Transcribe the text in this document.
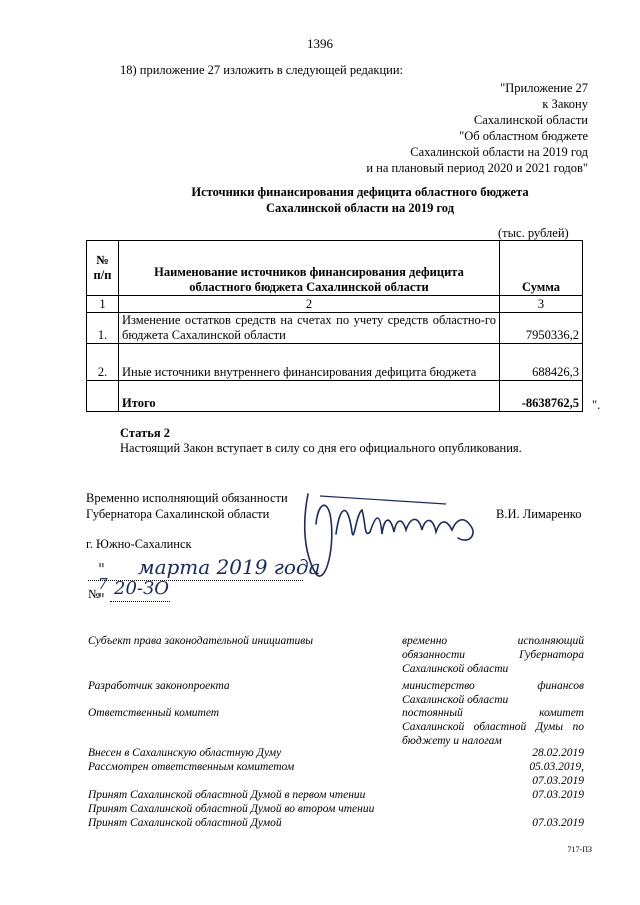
1396
18) приложение 27 изложить в следующей редакции:
"Приложение 27
к Закону
Сахалинской области
"Об областном бюджете
Сахалинской области на 2019 год
и на плановый период 2020 и 2021 годов"
Источники финансирования дефицита областного бюджета
Сахалинской области на 2019 год
(тыс. рублей)
№ п/п	Наименование источников финансирования дефицита областного бюджета Сахалинской области	Сумма
1	2	3
1.	Изменение остатков средств на счетах по учету средств областно-го бюджета Сахалинской области	7950336,2
2.	Иные источники внутреннего финансирования дефицита бюджета	688426,3
	Итого	-8638762,5 ".
Статья 2
Настоящий Закон вступает в силу со дня его официального опубликования.
Временно исполняющий обязанности
Губернатора Сахалинской области	В.И. Лимаренко
г. Южно-Сахалинск
" 7 "
марта 2019 года
№ 20-ЗО
Субъект права законодательной инициативы	временно исполняющий
обязанности Губернатора
Сахалинской области
Разработчик законопроекта	министерство финансов
Сахалинской области
Ответственный комитет	постоянный комитет
Сахалинской областной Думы по
бюджету и налогам
Внесен в Сахалинскую областную Думу	28.02.2019
Рассмотрен ответственным комитетом	05.03.2019,
07.03.2019
Принят Сахалинской областной Думой в первом чтении	07.03.2019
Принят Сахалинской областной Думой во втором чтении
Принят Сахалинской областной Думой	07.03.2019
717-ПЗ
